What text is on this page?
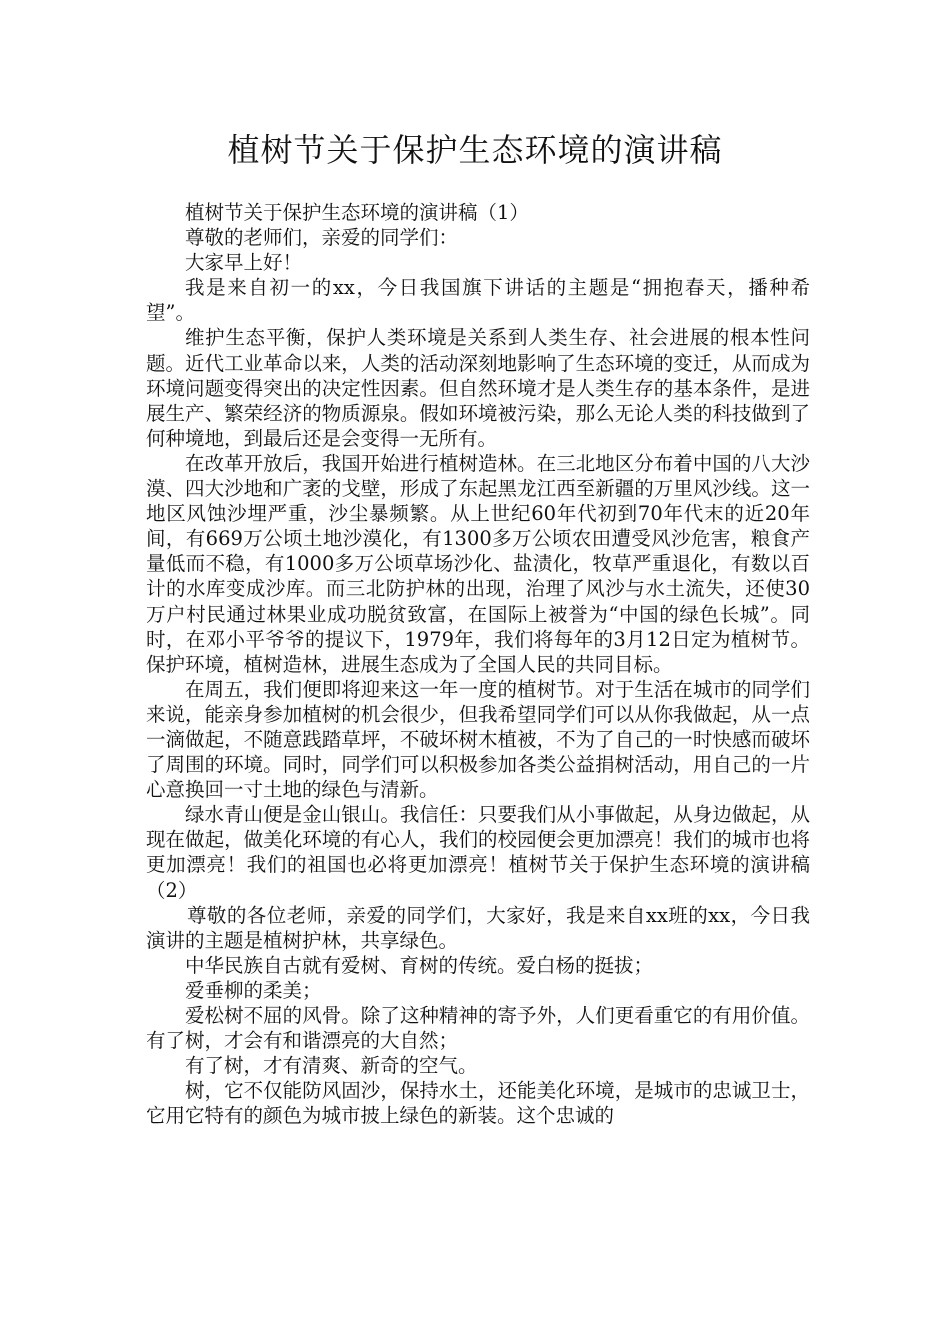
植树节关于保护生态环境的演讲稿

植树节关于保护生态环境的演讲稿（1）

尊敬的老师们，亲爱的同学们：

大家早上好！

我是来自初一的xx，今日我国旗下讲话的主题是“拥抱春天，播种希望”。

维护生态平衡，保护人类环境是关系到人类生存、社会进展的根本性问题。近代工业革命以来，人类的活动深刻地影响了生态环境的变迁，从而成为环境问题变得突出的决定性因素。但自然环境才是人类生存的基本条件，是进展生产、繁荣经济的物质源泉。假如环境被污染，那么无论人类的科技做到了何种境地，到最后还是会变得一无所有。

在改革开放后，我国开始进行植树造林。在三北地区分布着中国的八大沙漠、四大沙地和广袤的戈壁，形成了东起黑龙江西至新疆的万里风沙线。这一地区风蚀沙埋严重，沙尘暴频繁。从上世纪60年代初到70年代末的近20年间，有669万公顷土地沙漠化，有1300多万公顷农田遭受风沙危害，粮食产量低而不稳，有1000多万公顷草场沙化、盐渍化，牧草严重退化，有数以百计的水库变成沙库。而三北防护林的出现，治理了风沙与水土流失，还使30万户村民通过林果业成功脱贫致富，在国际上被誉为“中国的绿色长城”。同时，在邓小平爷爷的提议下，1979年，我们将每年的3月12日定为植树节。保护环境，植树造林，进展生态成为了全国人民的共同目标。

在周五，我们便即将迎来这一年一度的植树节。对于生活在城市的同学们来说，能亲身参加植树的机会很少，但我希望同学们可以从你我做起，从一点一滴做起，不随意践踏草坪，不破坏树木植被，不为了自己的一时快感而破坏了周围的环境。同时，同学们可以积极参加各类公益捐树活动，用自己的一片心意换回一寸土地的绿色与清新。

绿水青山便是金山银山。我信任：只要我们从小事做起，从身边做起，从现在做起，做美化环境的有心人，我们的校园便会更加漂亮！我们的城市也将更加漂亮！我们的祖国也必将更加漂亮！植树节关于保护生态环境的演讲稿（2）

尊敬的各位老师，亲爱的同学们，大家好，我是来自xx班的xx，今日我演讲的主题是植树护林，共享绿色。

中华民族自古就有爱树、育树的传统。爱白杨的挺拔；

爱垂柳的柔美；

爱松树不屈的风骨。除了这种精神的寄予外，人们更看重它的有用价值。有了树，才会有和谐漂亮的大自然；

有了树，才有清爽、新奇的空气。

树，它不仅能防风固沙，保持水土，还能美化环境，是城市的忠诚卫士，它用它特有的颜色为城市披上绿色的新装。这个忠诚的
